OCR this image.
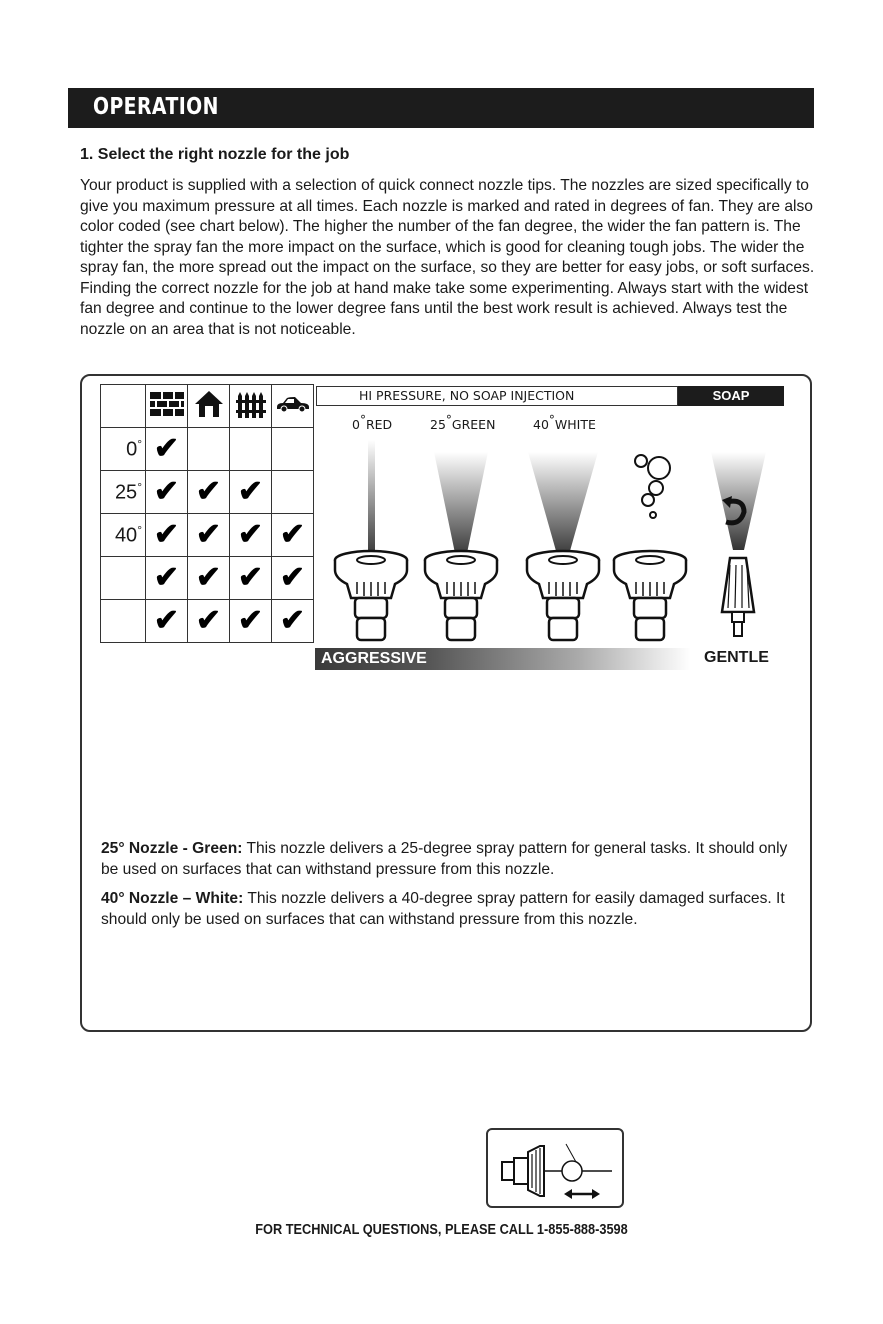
OPERATION
1. Select the right nozzle for the job

Your product is supplied with a selection of quick connect nozzle tips. The nozzles are sized specifically to give you maximum pressure at all times. Each nozzle is marked and rated in degrees of fan. They are also color coded (see chart below). The higher the number of the fan degree, the wider the fan pattern is. The tighter the spray fan the more impact on the surface, which is good for cleaning tough jobs. The wider the spray fan, the more spread out the impact on the surface, so they are better for easy jobs, or soft surfaces. Finding the correct nozzle for the job at hand make take some experimenting. Always start with the widest fan degree and continue to the lower degree fans until the best work result is achieved. Always test the nozzle on an area that is not noticeable.

0°	✔			
25°	✔	✔	✔	
40°	✔	✔	✔	✔
	✔	✔	✔	✔
	✔	✔	✔	✔
HI PRESSURE, NO SOAP INJECTION	SOAP
0°RED	25°GREEN	40°WHITE
AGGRESSIVE	GENTLE

25° Nozzle - Green: This nozzle delivers a 25-degree spray pattern for general tasks. It should only be used on surfaces that can withstand pressure from this nozzle.

40° Nozzle – White: This nozzle delivers a 40-degree spray pattern for easily damaged surfaces. It should only be used on surfaces that can withstand pressure from this nozzle.

FOR TECHNICAL QUESTIONS, PLEASE CALL 1-855-888-3598
